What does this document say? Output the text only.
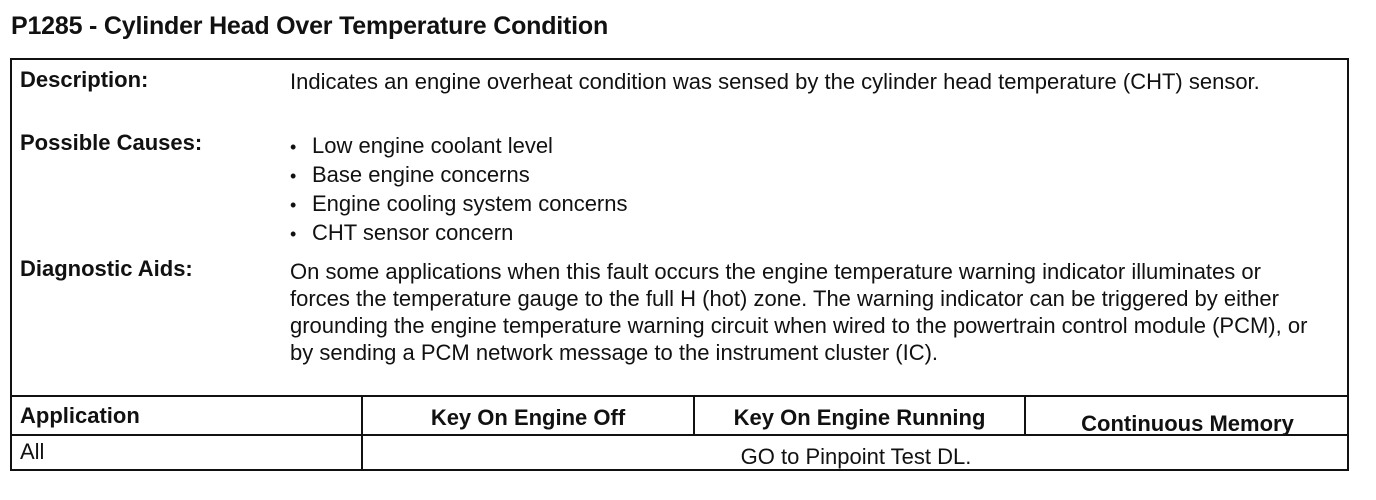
P1285 - Cylinder Head Over Temperature Condition
Description:	Indicates an engine overheat condition was sensed by the cylinder head temperature (CHT) sensor.
Possible Causes:
•	Low engine coolant level
• Base engine concerns
• Engine cooling system concerns
• CHT sensor concern
Diagnostic Aids:	On some applications when this fault occurs the engine temperature warning indicator illuminates or forces the temperature gauge to the full H (hot) zone. The warning indicator can be triggered by either grounding the engine temperature warning circuit when wired to the powertrain control module (PCM), or by sending a PCM network message to the instrument cluster (IC).
Application	Key On Engine Off	Key On Engine Running	Continuous Memory
All	GO to Pinpoint Test DL.
